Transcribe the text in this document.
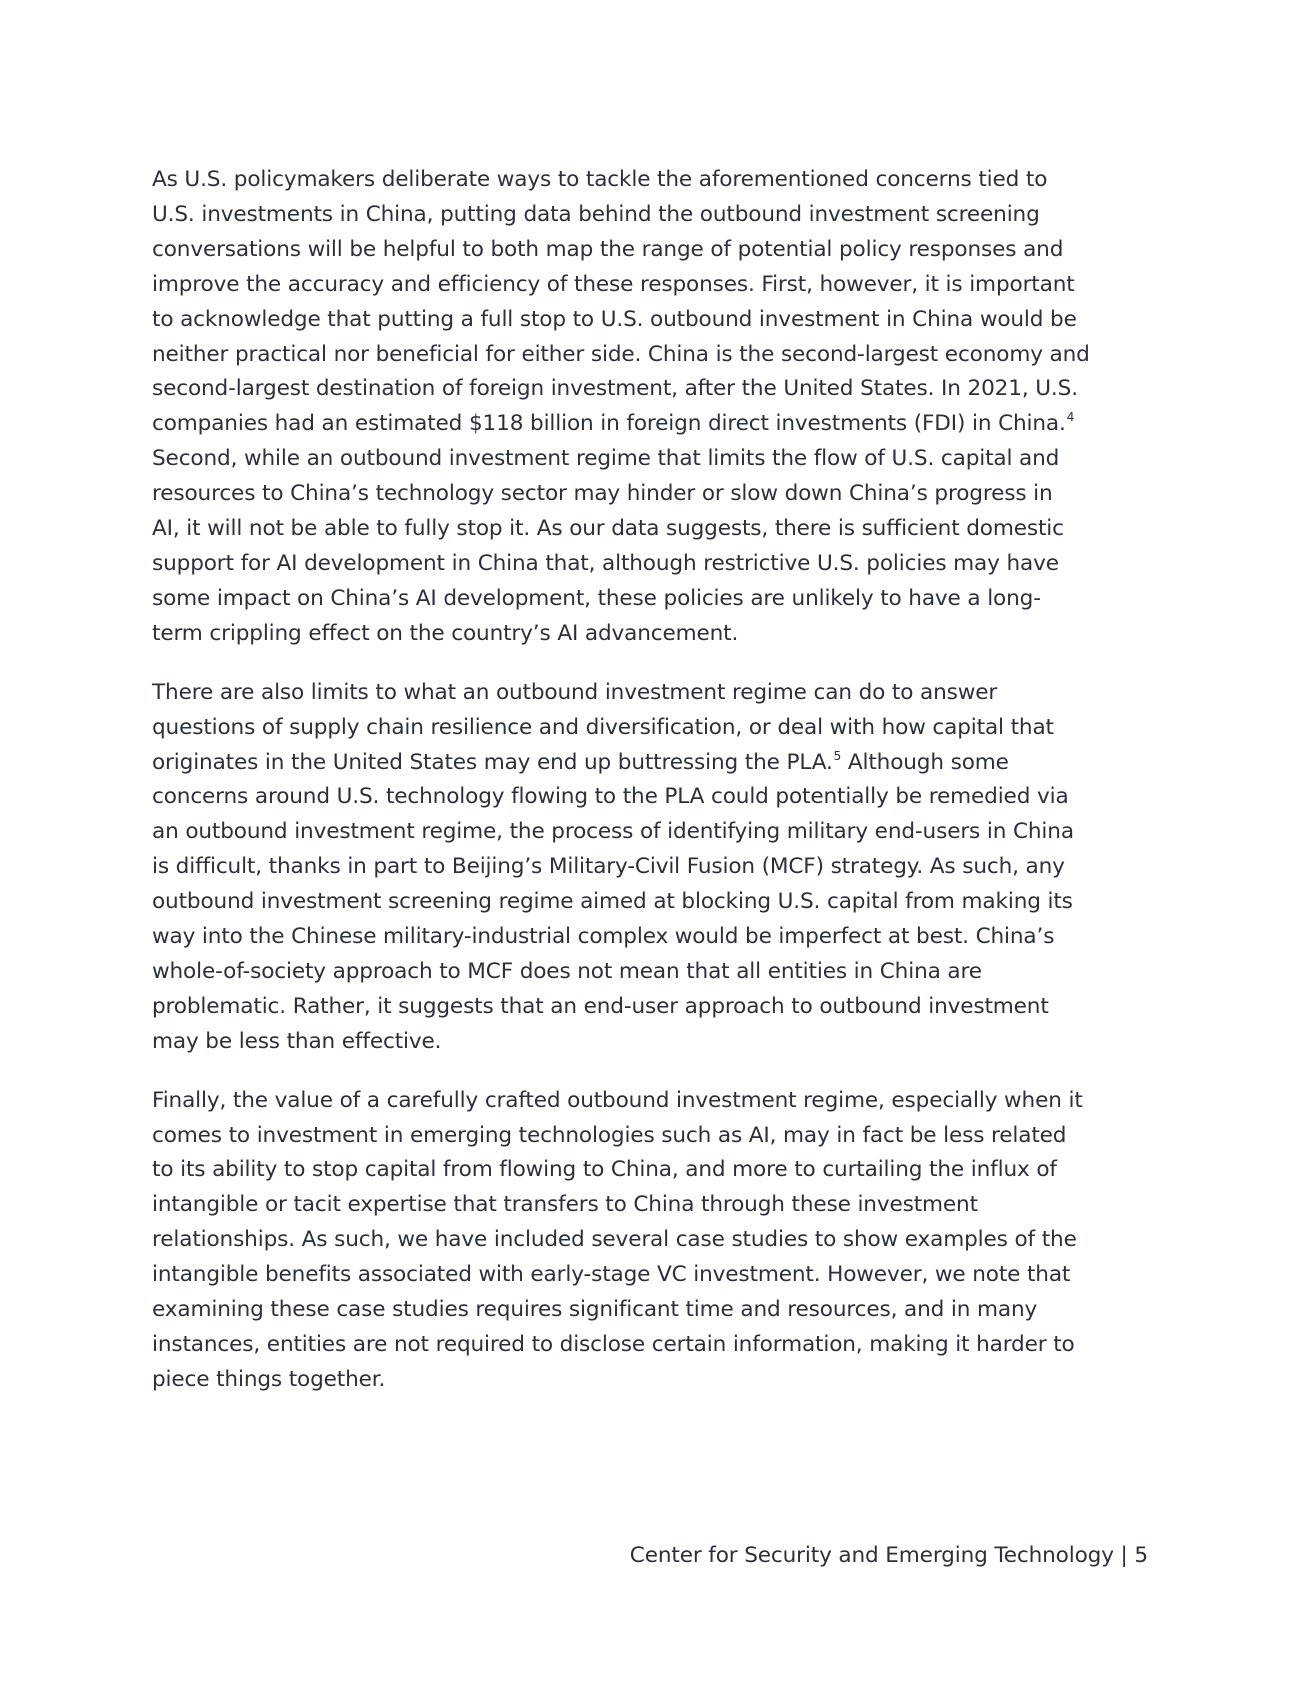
As U.S. policymakers deliberate ways to tackle the aforementioned concerns tied to
U.S. investments in China, putting data behind the outbound investment screening
conversations will be helpful to both map the range of potential policy responses and
improve the accuracy and efficiency of these responses. First, however, it is important
to acknowledge that putting a full stop to U.S. outbound investment in China would be
neither practical nor beneficial for either side. China is the second-largest economy and
second-largest destination of foreign investment, after the United States. In 2021, U.S.
companies had an estimated $118 billion in foreign direct investments (FDI) in China.$^4$
Second, while an outbound investment regime that limits the flow of U.S. capital and
resources to China’s technology sector may hinder or slow down China’s progress in
AI, it will not be able to fully stop it. As our data suggests, there is sufficient domestic
support for AI development in China that, although restrictive U.S. policies may have
some impact on China’s AI development, these policies are unlikely to have a long-
term crippling effect on the country’s AI advancement.
There are also limits to what an outbound investment regime can do to answer
questions of supply chain resilience and diversification, or deal with how capital that
originates in the United States may end up buttressing the PLA.$^5$ Although some
concerns around U.S. technology flowing to the PLA could potentially be remedied via
an outbound investment regime, the process of identifying military end-users in China
is difficult, thanks in part to Beijing’s Military-Civil Fusion (MCF) strategy. As such, any
outbound investment screening regime aimed at blocking U.S. capital from making its
way into the Chinese military-industrial complex would be imperfect at best. China’s
whole-of-society approach to MCF does not mean that all entities in China are
problematic. Rather, it suggests that an end-user approach to outbound investment
may be less than effective.
Finally, the value of a carefully crafted outbound investment regime, especially when it
comes to investment in emerging technologies such as AI, may in fact be less related
to its ability to stop capital from flowing to China, and more to curtailing the influx of
intangible or tacit expertise that transfers to China through these investment
relationships. As such, we have included several case studies to show examples of the
intangible benefits associated with early-stage VC investment. However, we note that
examining these case studies requires significant time and resources, and in many
instances, entities are not required to disclose certain information, making it harder to
piece things together.
Center for Security and Emerging Technology | 5
